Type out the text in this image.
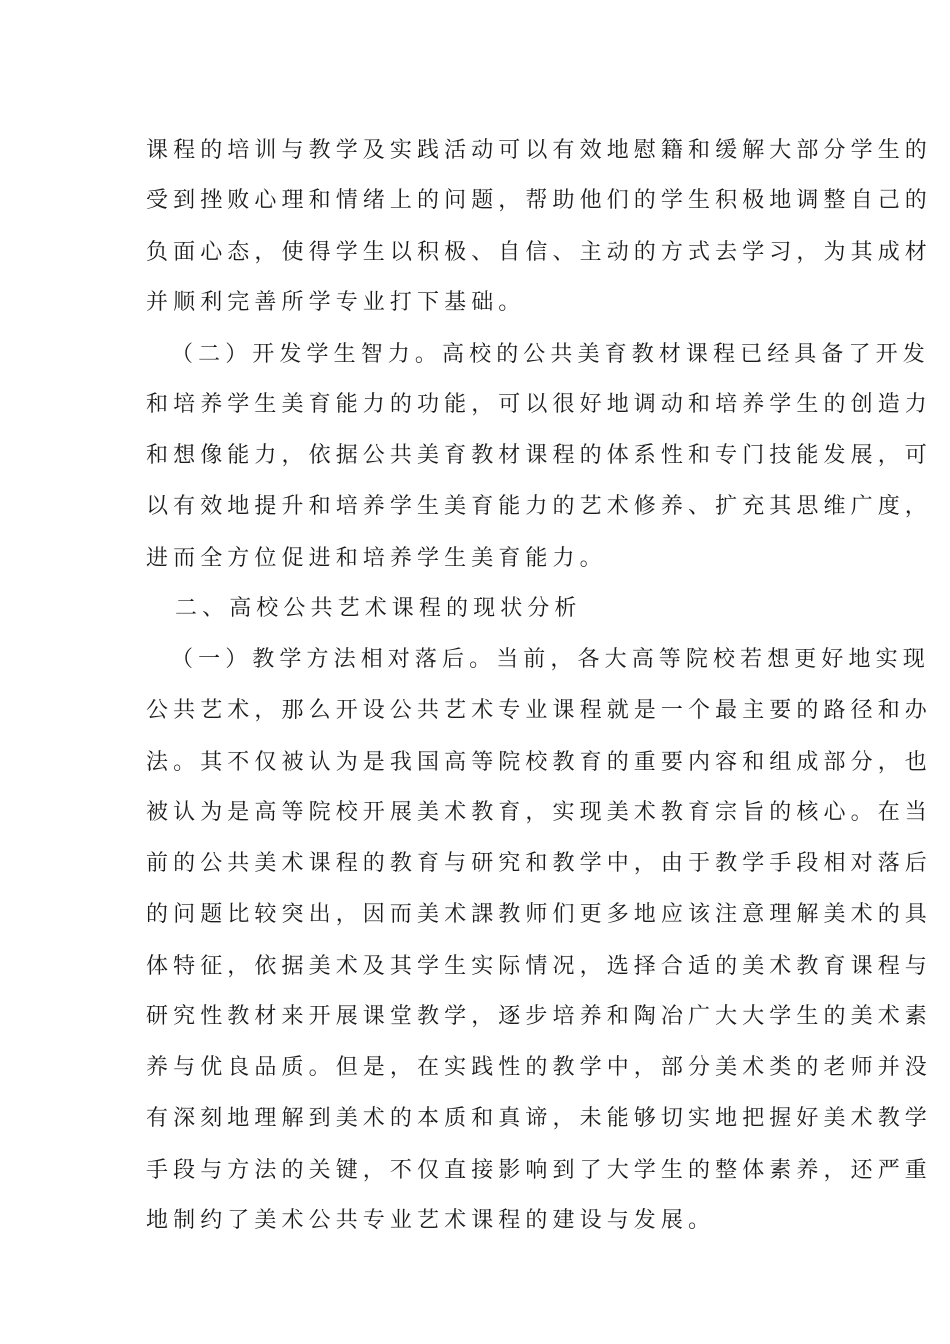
课程的培训与教学及实践活动可以有效地慰籍和缓解大部分学生的
受到挫败心理和情绪上的问题，帮助他们的学生积极地调整自己的
负面心态，使得学生以积极、自信、主动的方式去学习，为其成材
并顺利完善所学专业打下基础。
（二）开发学生智力。高校的公共美育教材课程已经具备了开发
和培养学生美育能力的功能，可以很好地调动和培养学生的创造力
和想像能力，依据公共美育教材课程的体系性和专门技能发展，可
以有效地提升和培养学生美育能力的艺术修养、扩充其思维广度，
进而全方位促进和培养学生美育能力。
二、高校公共艺术课程的现状分析
（一）教学方法相对落后。当前，各大高等院校若想更好地实现
公共艺术，那么开设公共艺术专业课程就是一个最主要的路径和办
法。其不仅被认为是我国高等院校教育的重要内容和组成部分，也
被认为是高等院校开展美术教育，实现美术教育宗旨的核心。在当
前的公共美术课程的教育与研究和教学中，由于教学手段相对落后
的问题比较突出，因而美术課教师们更多地应该注意理解美术的具
体特征，依据美术及其学生实际情况，选择合适的美术教育课程与
研究性教材来开展课堂教学，逐步培养和陶冶广大大学生的美术素
养与优良品质。但是，在实践性的教学中，部分美术类的老师并没
有深刻地理解到美术的本质和真谛，未能够切实地把握好美术教学
手段与方法的关键，不仅直接影响到了大学生的整体素养，还严重
地制约了美术公共专业艺术课程的建设与发展。
